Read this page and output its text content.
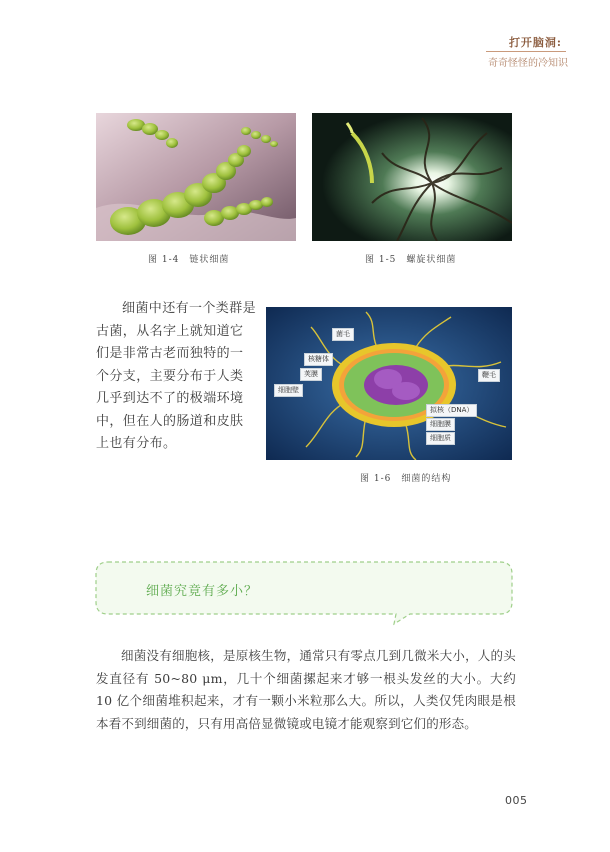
打开脑洞:
奇奇怪怪的冷知识
图 1-4　链状细菌	图 1-5　螺旋状细菌
细菌中还有一个类群是古菌，从名字上就知道它们是非常古老而独特的一个分支，主要分布于人类几乎到达不了的极端环境中，但在人的肠道和皮肤上也有分布。
菌毛
核糖体
荚膜
细胞壁
鞭毛
拟核（DNA）
细胞膜
细胞质
图 1-6　细菌的结构
细菌究竟有多小？
细菌没有细胞核，是原核生物，通常只有零点几到几微米大小，人的头发直径有 50~80 μm，几十个细菌摞起来才够一根头发丝的大小。大约 10 亿个细菌堆积起来，才有一颗小米粒那么大。所以，人类仅凭肉眼是根本看不到细菌的，只有用高倍显微镜或电镜才能观察到它们的形态。
005
